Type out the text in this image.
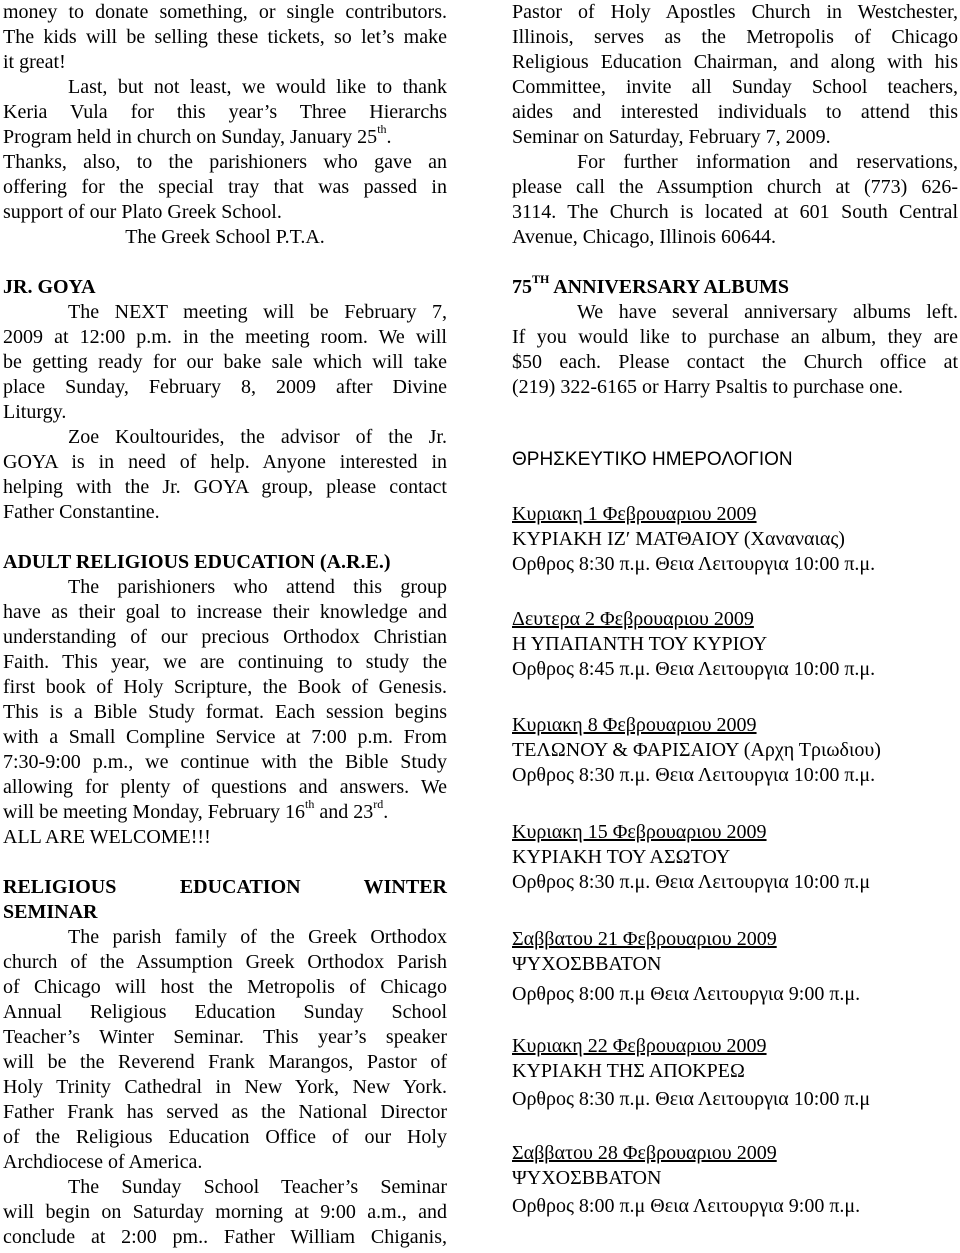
money to donate something, or single contributors.
The kids will be selling these tickets, so let’s make
it great!
Last, but not least, we would like to thank
Keria Vula for this year’s Three Hierarchs
Program held in church on Sunday, January 25th.
Thanks, also, to the parishioners who gave an
offering for the special tray that was passed in
support of our Plato Greek School.
The Greek School P.T.A.
JR. GOYA
The NEXT meeting will be February 7,
2009 at 12:00 p.m. in the meeting room. We will
be getting ready for our bake sale which will take
place Sunday, February 8, 2009 after Divine
Liturgy.
Zoe Koultourides, the advisor of the Jr.
GOYA is in need of help. Anyone interested in
helping with the Jr. GOYA group, please contact
Father Constantine.
ADULT RELIGIOUS EDUCATION (A.R.E.)
The parishioners who attend this group
have as their goal to increase their knowledge and
understanding of our precious Orthodox Christian
Faith. This year, we are continuing to study the
first book of Holy Scripture, the Book of Genesis.
This is a Bible Study format. Each session begins
with a Small Compline Service at 7:00 p.m. From
7:30-9:00 p.m., we continue with the Bible Study
allowing for plenty of questions and answers. We
will be meeting Monday, February 16th and 23rd.
ALL ARE WELCOME!!!
RELIGIOUS EDUCATION WINTER
SEMINAR
The parish family of the Greek Orthodox
church of the Assumption Greek Orthodox Parish
of Chicago will host the Metropolis of Chicago
Annual Religious Education Sunday School
Teacher’s Winter Seminar. This year’s speaker
will be the Reverend Frank Marangos, Pastor of
Holy Trinity Cathedral in New York, New York.
Father Frank has served as the National Director
of the Religious Education Office of our Holy
Archdiocese of America.
The Sunday School Teacher’s Seminar
will begin on Saturday morning at 9:00 a.m., and
conclude at 2:00 pm.. Father William Chiganis,
Pastor of Holy Apostles Church in Westchester,
Illinois, serves as the Metropolis of Chicago
Religious Education Chairman, and along with his
Committee, invite all Sunday School teachers,
aides and interested individuals to attend this
Seminar on Saturday, February 7, 2009.
For further information and reservations,
please call the Assumption church at (773) 626-
3114. The Church is located at 601 South Central
Avenue, Chicago, Illinois 60644.
75TH ANNIVERSARY ALBUMS
We have several anniversary albums left.
If you would like to purchase an album, they are
$50 each. Please contact the Church office at
(219) 322-6165 or Harry Psaltis to purchase one.
ΘΡΗΣΚΕΥΤΙΚΟ ΗΜΕΡΟΛΟΓΙΟΝ
Κυριακη 1 Φεβρουαριου 2009
ΚΥΡΙΑΚΗ ΙΖ′ ΜΑΤΘΑΙΟΥ (Χαναναιας)
Ορθρος 8:30 π.μ. Θεια Λειτουργια 10:00 π.μ.
Δευτερα 2 Φεβρουαριου 2009
Η ΥΠΑΠΑΝΤΗ ΤΟΥ ΚΥΡΙΟΥ
Ορθρος 8:45 π.μ. Θεια Λειτουργια 10:00 π.μ.
Κυριακη 8 Φεβρουαριου 2009
ΤΕΛΩΝΟΥ & ΦΑΡΙΣΑΙΟΥ (Αρχη Τριωδιου)
Ορθρος 8:30 π.μ. Θεια Λειτουργια 10:00 π.μ.
Κυριακη 15 Φεβρουαριου 2009
ΚΥΡΙΑΚΗ ΤΟΥ ΑΣΩΤΟΥ
Ορθρος 8:30 π.μ. Θεια Λειτουργια 10:00 π.μ
Σαββατου 21 Φεβρουαριου 2009
ΨΥΧΟΣΒΒΑΤΟΝ
Ορθρος 8:00 π.μ Θεια Λειτουργια 9:00 π.μ.
Κυριακη 22 Φεβρουαριου 2009
ΚΥΡΙΑΚΗ ΤΗΣ ΑΠΟΚΡΕΩ
Ορθρος 8:30 π.μ. Θεια Λειτουργια 10:00 π.μ
Σαββατου 28 Φεβρουαριου 2009
ΨΥΧΟΣΒΒΑΤΟΝ
Ορθρος 8:00 π.μ Θεια Λειτουργια 9:00 π.μ.
